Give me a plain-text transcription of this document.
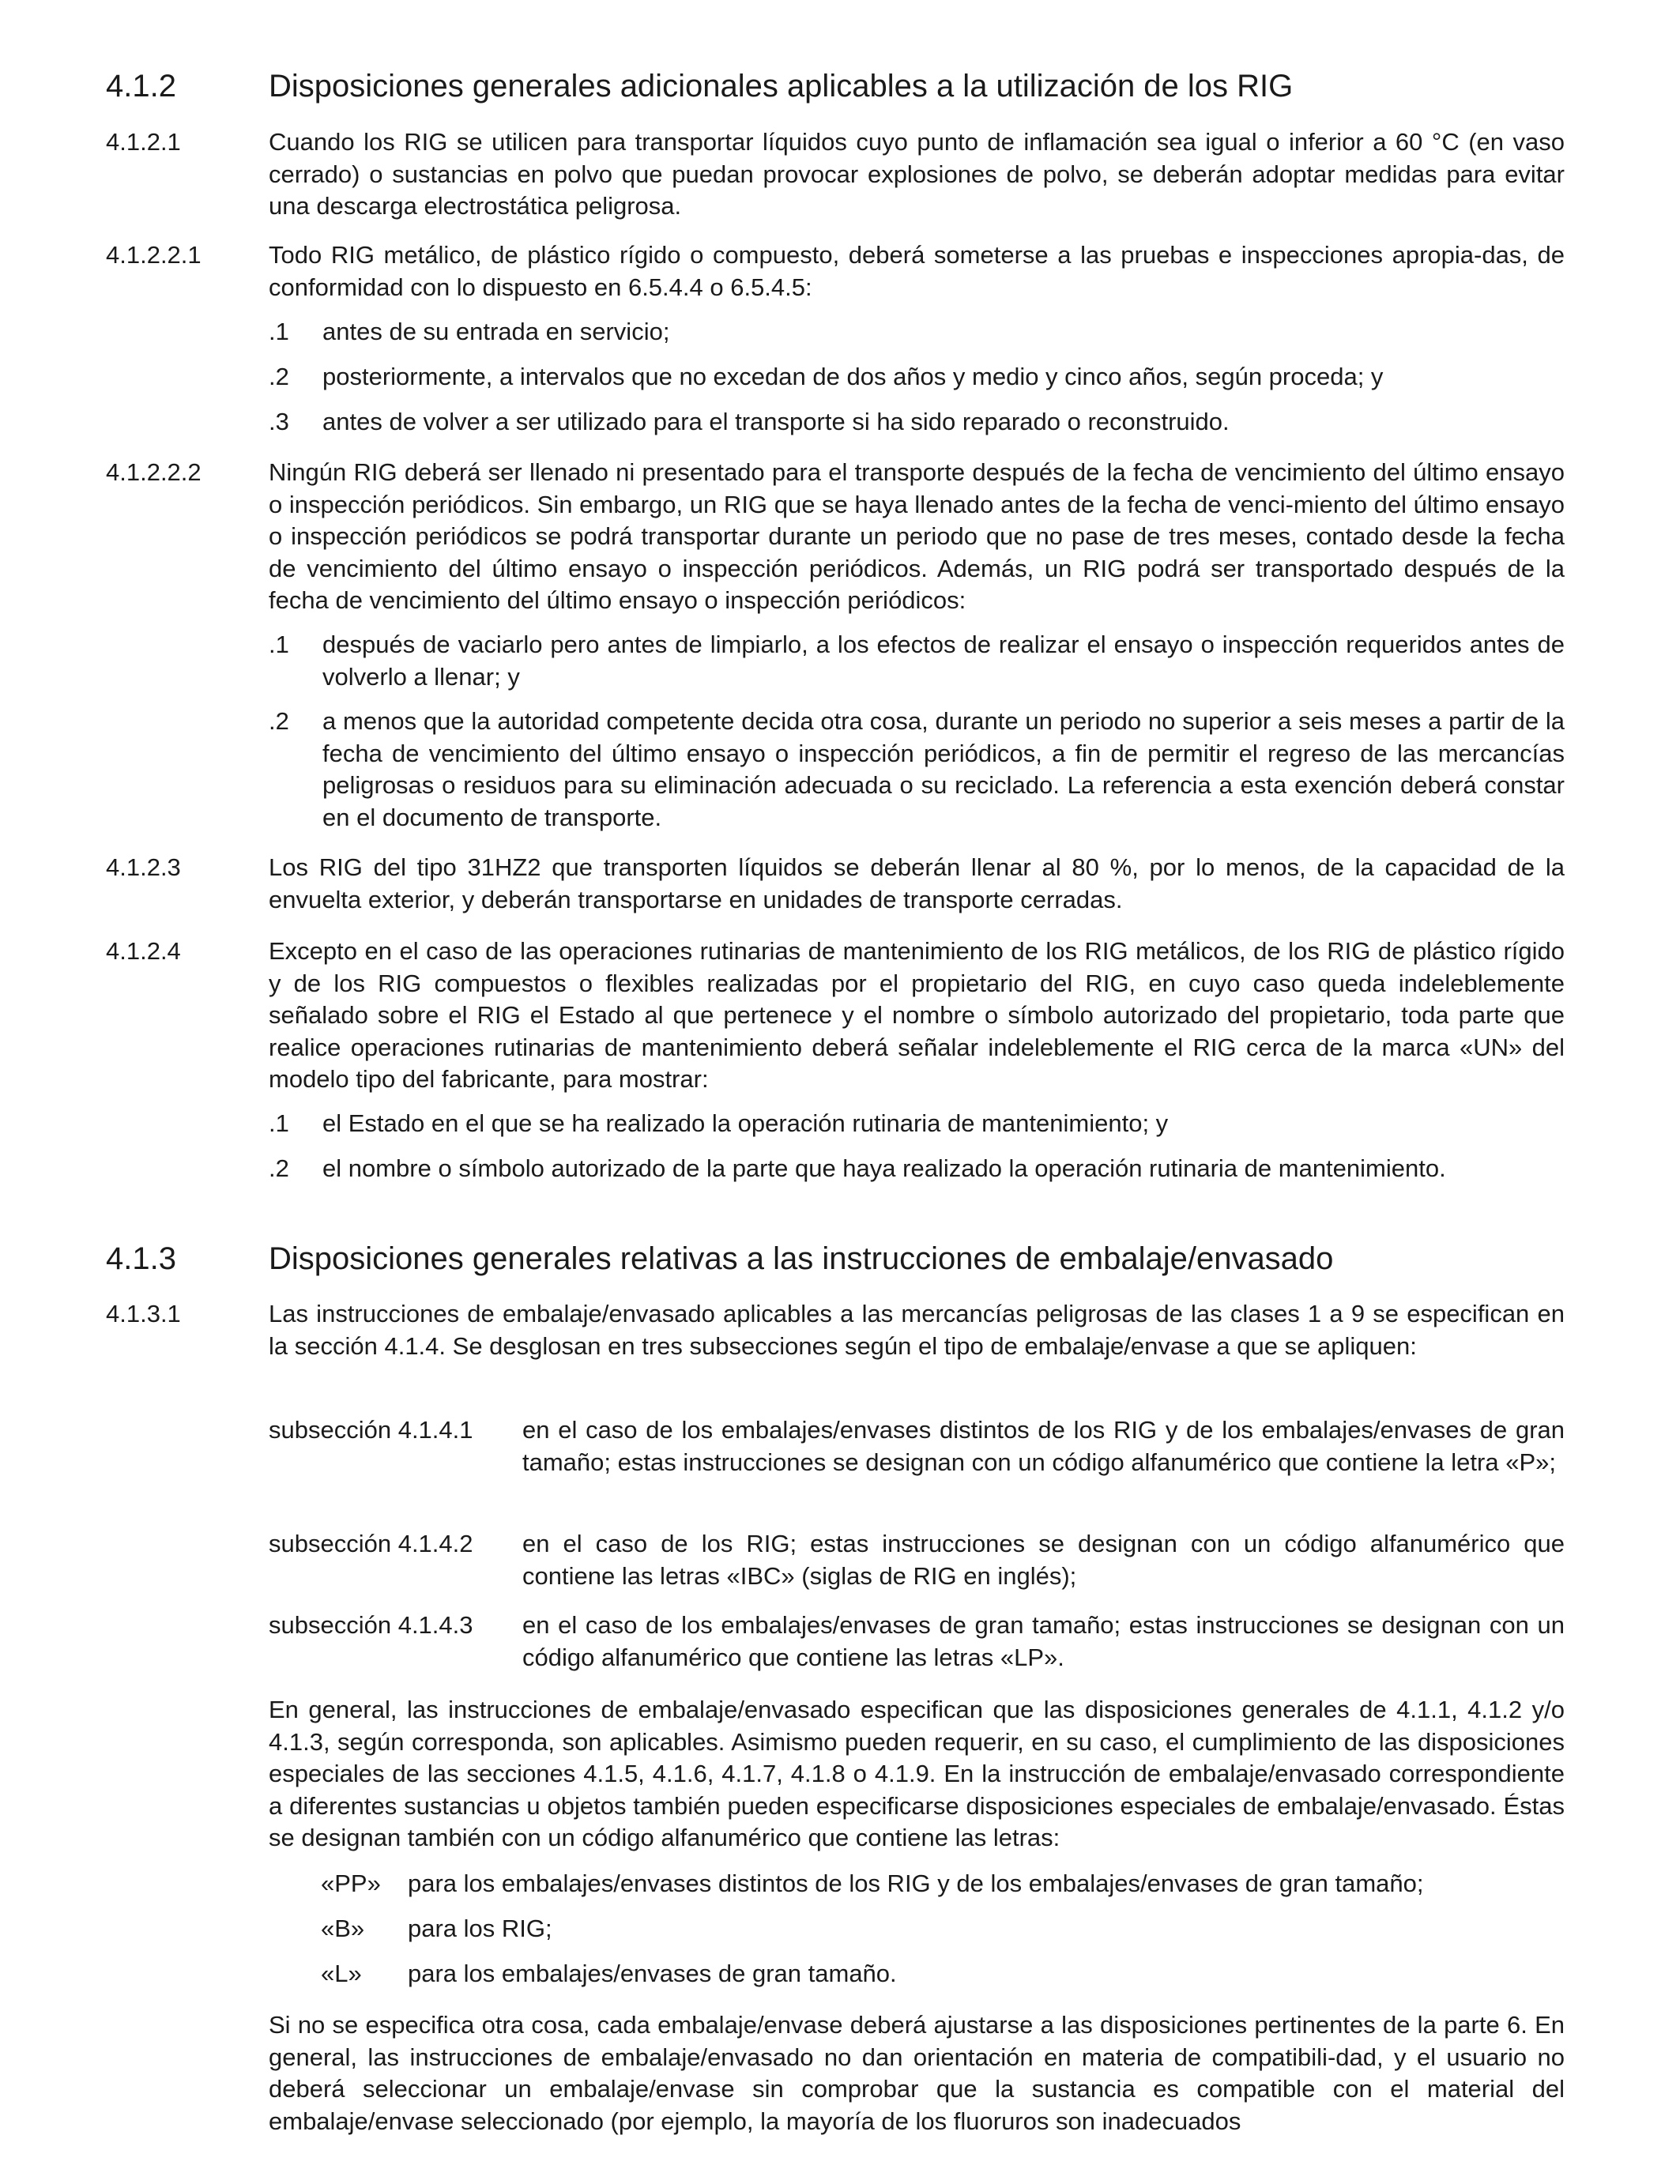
4.1.2	Disposiciones generales adicionales aplicables a la utilización de los RIG
4.1.2.1	Cuando los RIG se utilicen para transportar líquidos cuyo punto de inflamación sea igual o inferior a 60 °C (en vaso cerrado) o sustancias en polvo que puedan provocar explosiones de polvo, se deberán adoptar medidas para evitar una descarga electrostática peligrosa.
4.1.2.2.1	Todo RIG metálico, de plástico rígido o compuesto, deberá someterse a las pruebas e inspecciones apropia-das, de conformidad con lo dispuesto en 6.5.4.4 o 6.5.4.5:
.1 antes de su entrada en servicio;
.2 posteriormente, a intervalos que no excedan de dos años y medio y cinco años, según proceda; y
.3 antes de volver a ser utilizado para el transporte si ha sido reparado o reconstruido.
4.1.2.2.2	Ningún RIG deberá ser llenado ni presentado para el transporte después de la fecha de vencimiento del último ensayo o inspección periódicos. Sin embargo, un RIG que se haya llenado antes de la fecha de venci-miento del último ensayo o inspección periódicos se podrá transportar durante un periodo que no pase de tres meses, contado desde la fecha de vencimiento del último ensayo o inspección periódicos. Además, un RIG podrá ser transportado después de la fecha de vencimiento del último ensayo o inspección periódicos:
.1 después de vaciarlo pero antes de limpiarlo, a los efectos de realizar el ensayo o inspección requeridos antes de volverlo a llenar; y
.2 a menos que la autoridad competente decida otra cosa, durante un periodo no superior a seis meses a partir de la fecha de vencimiento del último ensayo o inspección periódicos, a fin de permitir el regreso de las mercancías peligrosas o residuos para su eliminación adecuada o su reciclado. La referencia a esta exención deberá constar en el documento de transporte.
4.1.2.3	Los RIG del tipo 31HZ2 que transporten líquidos se deberán llenar al 80 %, por lo menos, de la capacidad de la envuelta exterior, y deberán transportarse en unidades de transporte cerradas.
4.1.2.4	Excepto en el caso de las operaciones rutinarias de mantenimiento de los RIG metálicos, de los RIG de plástico rígido y de los RIG compuestos o flexibles realizadas por el propietario del RIG, en cuyo caso queda indeleblemente señalado sobre el RIG el Estado al que pertenece y el nombre o símbolo autorizado del propietario, toda parte que realice operaciones rutinarias de mantenimiento deberá señalar indeleblemente el RIG cerca de la marca «UN» del modelo tipo del fabricante, para mostrar:
.1 el Estado en el que se ha realizado la operación rutinaria de mantenimiento; y
.2 el nombre o símbolo autorizado de la parte que haya realizado la operación rutinaria de mantenimiento.
4.1.3	Disposiciones generales relativas a las instrucciones de embalaje/envasado
4.1.3.1	Las instrucciones de embalaje/envasado aplicables a las mercancías peligrosas de las clases 1 a 9 se especifican en la sección 4.1.4. Se desglosan en tres subsecciones según el tipo de embalaje/envase a que se apliquen:
subsección 4.1.4.1 en el caso de los embalajes/envases distintos de los RIG y de los embalajes/envases de gran tamaño; estas instrucciones se designan con un código alfanumérico que contiene la letra «P»;
subsección 4.1.4.2 en el caso de los RIG; estas instrucciones se designan con un código alfanumérico que contiene las letras «IBC» (siglas de RIG en inglés);
subsección 4.1.4.3 en el caso de los embalajes/envases de gran tamaño; estas instrucciones se designan con un código alfanumérico que contiene las letras «LP».
En general, las instrucciones de embalaje/envasado especifican que las disposiciones generales de 4.1.1, 4.1.2 y/o 4.1.3, según corresponda, son aplicables. Asimismo pueden requerir, en su caso, el cumplimiento de las disposiciones especiales de las secciones 4.1.5, 4.1.6, 4.1.7, 4.1.8 o 4.1.9. En la instrucción de embalaje/envasado correspondiente a diferentes sustancias u objetos también pueden especificarse disposiciones especiales de embalaje/envasado. Éstas se designan también con un código alfanumérico que contiene las letras:
«PP» para los embalajes/envases distintos de los RIG y de los embalajes/envases de gran tamaño;
«B» para los RIG;
«L» para los embalajes/envases de gran tamaño.
Si no se especifica otra cosa, cada embalaje/envase deberá ajustarse a las disposiciones pertinentes de la parte 6. En general, las instrucciones de embalaje/envasado no dan orientación en materia de compatibili-dad, y el usuario no deberá seleccionar un embalaje/envase sin comprobar que la sustancia es compatible con el material del embalaje/envase seleccionado (por ejemplo, la mayoría de los fluoruros son inadecuados
